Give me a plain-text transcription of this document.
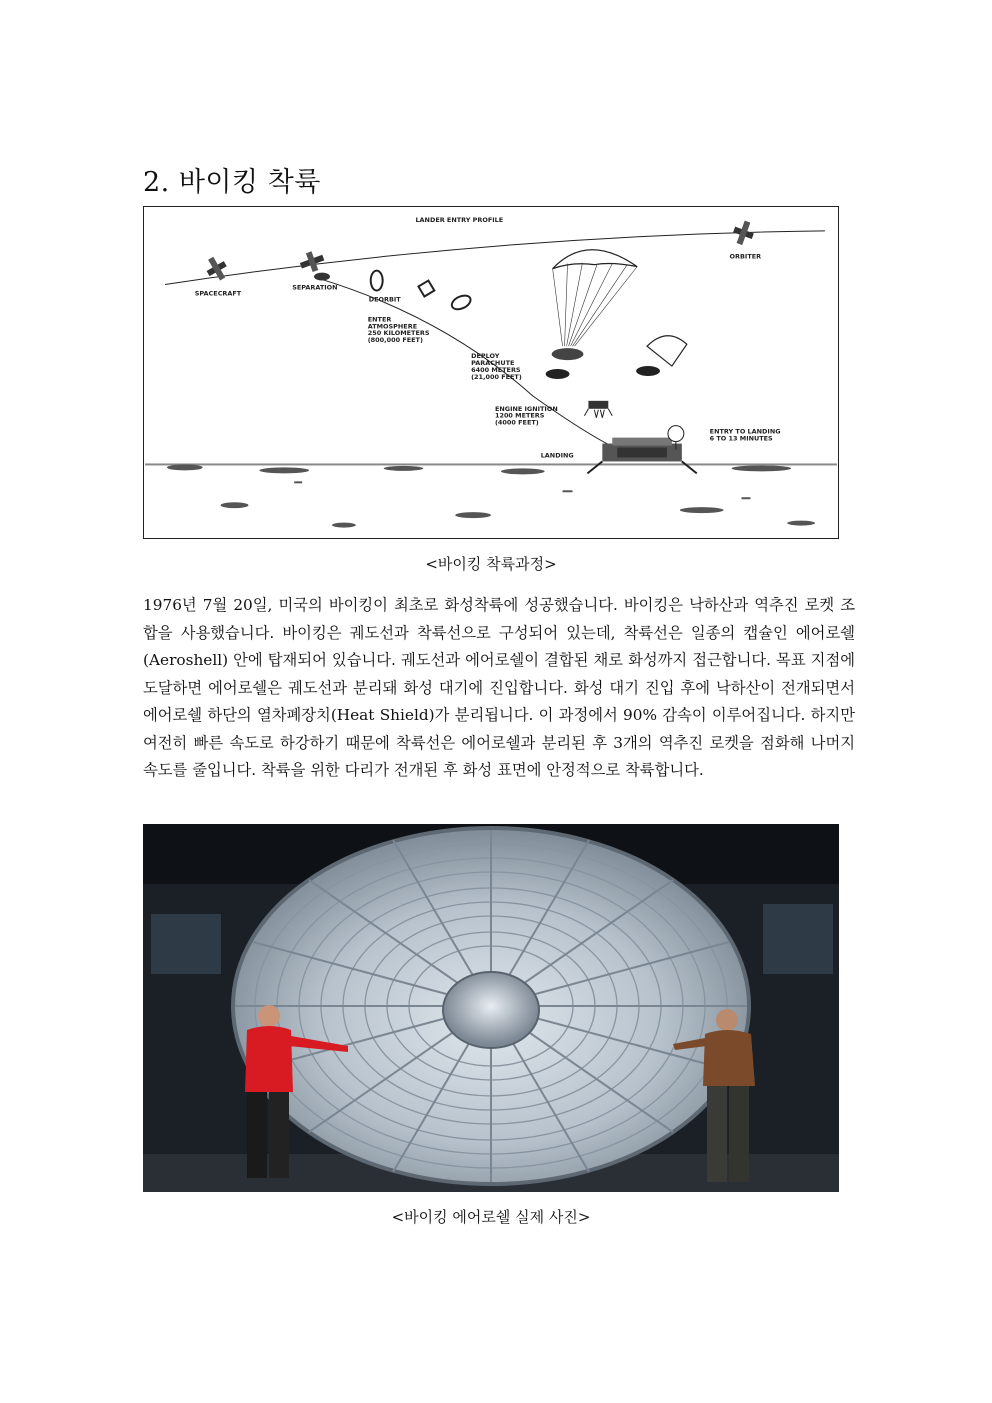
2. 바이킹 착륙
LANDER ENTRY PROFILE
SPACECRAFT
SEPARATION
DEORBIT
ENTER
ATMOSPHERE
250 KILOMETERS
(800,000 FEET)
DEPLOY
PARACHUTE
6400 METERS
(21,000 FEET)
ENGINE IGNITION
1200 METERS
(4000 FEET)
ENTRY TO LANDING
6 TO 13 MINUTES
ORBITER
LANDING
<바이킹 착륙과정>
1976년 7월 20일, 미국의 바이킹이 최초로 화성착륙에 성공했습니다. 바이킹은 낙하산과 역추진 로켓 조합을 사용했습니다. 바이킹은 궤도선과 착륙선으로 구성되어 있는데, 착륙선은 일종의 캡슐인 에어로쉘(Aeroshell) 안에 탑재되어 있습니다. 궤도선과 에어로쉘이 결합된 채로 화성까지 접근합니다. 목표 지점에 도달하면 에어로쉘은 궤도선과 분리돼 화성 대기에 진입합니다. 화성 대기 진입 후에 낙하산이 전개되면서 에어로쉘 하단의 열차폐장치(Heat Shield)가 분리됩니다. 이 과정에서 90% 감속이 이루어집니다. 하지만 여전히 빠른 속도로 하강하기 때문에 착륙선은 에어로쉘과 분리된 후 3개의 역추진 로켓을 점화해 나머지 속도를 줄입니다. 착륙을 위한 다리가 전개된 후 화성 표면에 안정적으로 착륙합니다.
<바이킹 에어로쉘 실제 사진>
